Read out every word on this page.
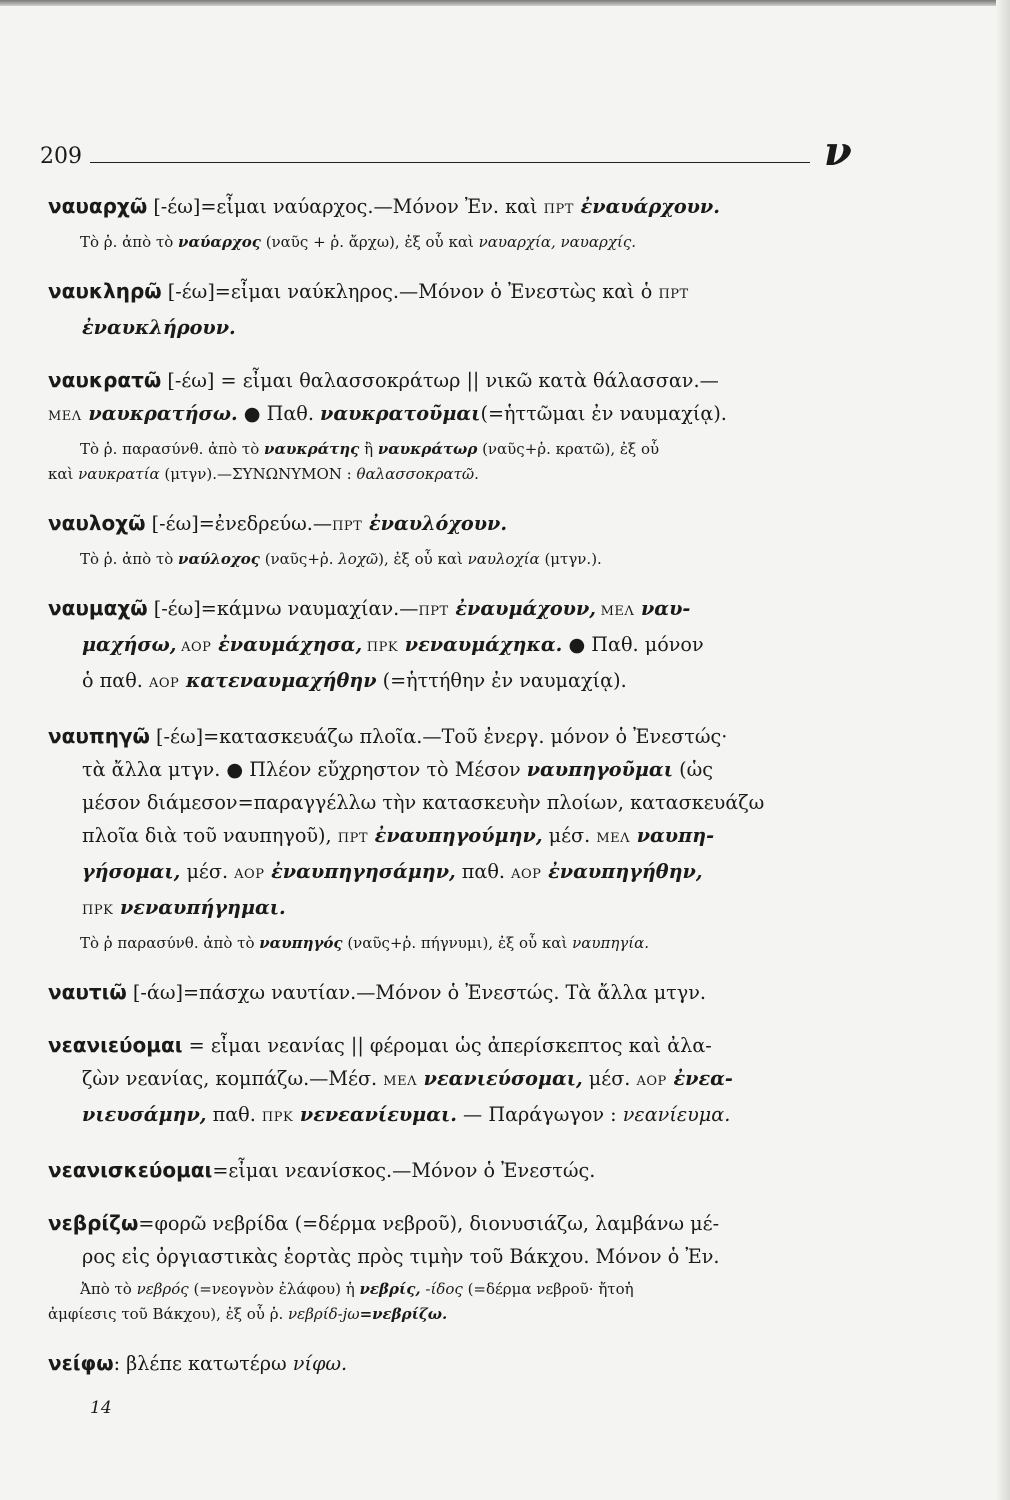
209	ν

ναυαρχῶ [-έω]=εἶμαι ναύαρχος.—Μόνον Ἐν. καὶ ΠΡΤ ἐναυάρχουν.

Τὸ ῥ. ἀπὸ τὸ ναύαρχος (ναῦς + ῥ. ἄρχω), ἐξ οὗ καὶ ναυαρχία, ναυαρχίς.

ναυκληρῶ [-έω]=εἶμαι ναύκληρος.—Μόνον ὁ Ἐνεστὼς καὶ ὁ ΠΡΤ
ἐναυκλήρουν.

ναυκρατῶ [-έω] = εἶμαι θαλασσοκράτωρ || νικῶ κατὰ θάλασσαν.—
ΜΕΛ ναυκρατήσω. ● Παθ. ναυκρατοῦμαι(=ἡττῶμαι ἐν ναυμαχίᾳ).

Τὸ ῥ. παρασύνθ. ἀπὸ τὸ ναυκράτης ἢ ναυκράτωρ (ναῦς+ῥ. κρατῶ), ἐξ οὗ
καὶ ναυκρατία (μτγν).—ΣΥΝΩΝΥΜΟΝ : θαλασσοκρατῶ.

ναυλοχῶ [-έω]=ἐνεδρεύω.—ΠΡΤ ἐναυλόχουν.

Τὸ ῥ. ἀπὸ τὸ ναύλοχος (ναῦς+ῥ. λοχῶ), ἐξ οὗ καὶ ναυλοχία (μτγν.).

ναυμαχῶ [-έω]=κάμνω ναυμαχίαν.—ΠΡΤ ἐναυμάχουν, ΜΕΛ ναυ-
μαχήσω, ΑΟΡ ἐναυμάχησα, ΠΡΚ νεναυμάχηκα. ● Παθ. μόνον
ὁ παθ. ΑΟΡ κατεναυμαχήθην (=ἡττήθην ἐν ναυμαχίᾳ).

ναυπηγῶ [-έω]=κατασκευάζω πλοῖα.—Τοῦ ἐνεργ. μόνον ὁ Ἐνεστώς·
τὰ ἄλλα μτγν. ● Πλέον εὔχρηστον τὸ Μέσον ναυπηγοῦμαι (ὡς
μέσον διάμεσον=παραγγέλλω τὴν κατασκευὴν πλοίων, κατασκευάζω
πλοῖα διὰ τοῦ ναυπηγοῦ), ΠΡΤ ἐναυπηγούμην, μέσ. ΜΕΛ ναυπη-
γήσομαι, μέσ. ΑΟΡ ἐναυπηγησάμην, παθ. ΑΟΡ ἐναυπηγήθην,
ΠΡΚ νεναυπήγημαι.

Τὸ ῥ παρασύνθ. ἀπὸ τὸ ναυπηγός (ναῦς+ῥ. πήγνυμι), ἐξ οὗ καὶ ναυπηγία.

ναυτιῶ [-άω]=πάσχω ναυτίαν.—Μόνον ὁ Ἐνεστώς. Τὰ ἄλλα μτγν.

νεανιεύομαι = εἶμαι νεανίας || φέρομαι ὡς ἀπερίσκεπτος καὶ ἀλα-
ζὼν νεανίας, κομπάζω.—Μέσ. ΜΕΛ νεανιεύσομαι, μέσ. ΑΟΡ ἐνεα-
νιευσάμην, παθ. ΠΡΚ νενεανίευμαι. — Παράγωγον : νεανίευμα.

νεανισκεύομαι=εἶμαι νεανίσκος.—Μόνον ὁ Ἐνεστώς.

νεβρίζω=φορῶ νεβρίδα (=δέρμα νεβροῦ), διονυσιάζω, λαμβάνω μέ-
ρος εἰς ὀργιαστικὰς ἑορτὰς πρὸς τιμὴν τοῦ Βάκχου. Μόνον ὁ Ἐν.

Ἀπὸ τὸ νεβρός (=νεογνὸν ἐλάφου) ἡ νεβρίς, -ίδος (=δέρμα νεβροῦ· ἤτοἡ
ἀμφίεσις τοῦ Βάκχου), ἐξ οὗ ῥ. νεβρίδ-jω=νεβρίζω.

νείφω: βλέπε κατωτέρω νίφω.

14
